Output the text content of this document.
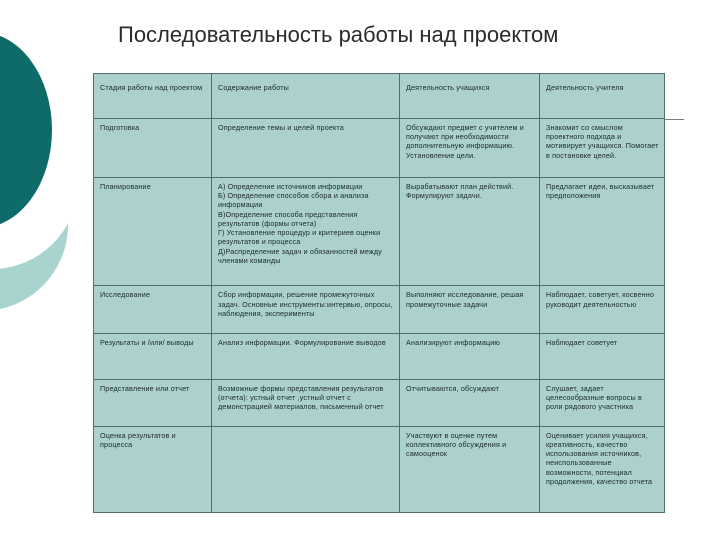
Последовательность работы над проектом
Стадия работы над проектом	Содержание работы	Деятельность учащихся	Деятельность учителя
Подготовка	Определение темы и целей проекта	Обсуждают предмет с учителем и получают при необходимости дополнительную информацию. Установление цели.	Знакомит со смыслом проектного подхода и мотивирует учащихся. Помогает в постановке целей.
Планирование	А) Определение источников информации
Б) Определение способов сбора и анализа информации
В)Определение способа представления результатов (формы отчета)
Г) Установление процедур и критериев оценки результатов и процесса
Д)Распределение задач и обязанностей между членами команды	Вырабатывают план действий. Формулируют задачи.	Предлагает идеи, высказывает предположения
Исследование	Сбор информации, решение промежуточных задач. Основные инструменты:интервью, опросы, наблюдения, эксперименты	Выполняют исследование, решая промежуточные задачи	Наблюдает, советует, косвенно руководит деятельностью
Результаты и /или/ выводы	Анализ информации. Формулирование выводов	Анализируют информацию	Наблюдает советует
Представление или отчет	Возможные формы представления результатов (отчета): устный отчет ,устный отчет с демонстрацией материалов, письменный отчет	Отчитываются, обсуждают	Слушает, задает целесообразные вопросы в роли рядового участника
Оценка результатов и процесса		Участвуют в оценке путем коллективного обсуждения и самооценок	Оценивает усилия учащихся, креативность, качество использования источников, неиспользованные возможности, потенциал продолжения, качество отчета
